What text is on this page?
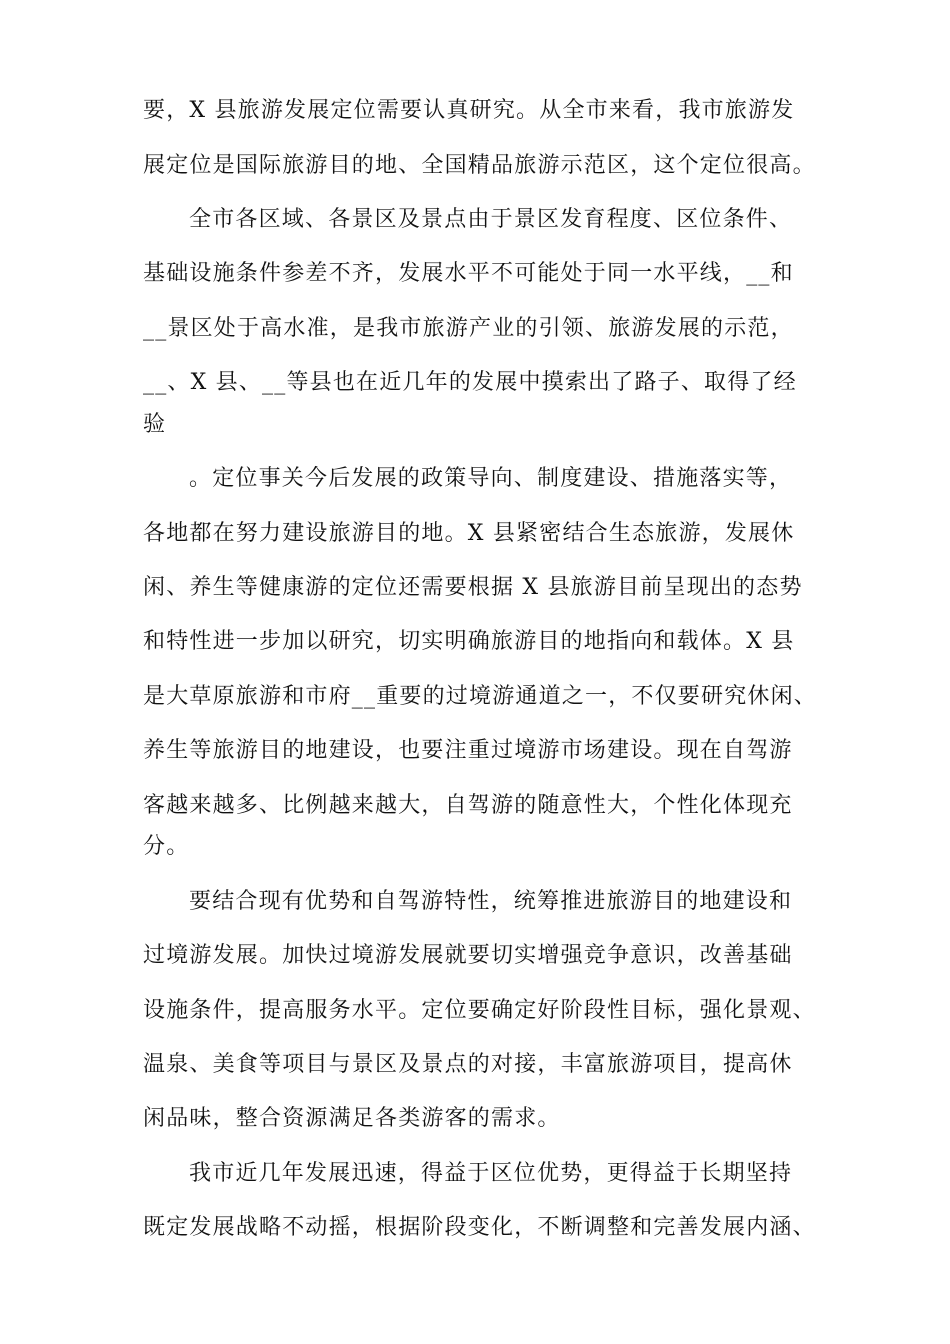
要，X 县旅游发展定位需要认真研究。从全市来看，我市旅游发
展定位是国际旅游目的地、全国精品旅游示范区，这个定位很高。
全市各区域、各景区及景点由于景区发育程度、区位条件、
基础设施条件参差不齐，发展水平不可能处于同一水平线，__和
__景区处于高水准，是我市旅游产业的引领、旅游发展的示范，
__、X 县、__等县也在近几年的发展中摸索出了路子、取得了经
验
。定位事关今后发展的政策导向、制度建设、措施落实等，
各地都在努力建设旅游目的地。X 县紧密结合生态旅游，发展休
闲、养生等健康游的定位还需要根据 X 县旅游目前呈现出的态势
和特性进一步加以研究，切实明确旅游目的地指向和载体。X 县
是大草原旅游和市府__重要的过境游通道之一，不仅要研究休闲、
养生等旅游目的地建设，也要注重过境游市场建设。现在自驾游
客越来越多、比例越来越大，自驾游的随意性大，个性化体现充
分。
要结合现有优势和自驾游特性，统筹推进旅游目的地建设和
过境游发展。加快过境游发展就要切实增强竞争意识，改善基础
设施条件，提高服务水平。定位要确定好阶段性目标，强化景观、
温泉、美食等项目与景区及景点的对接，丰富旅游项目，提高休
闲品味，整合资源满足各类游客的需求。
我市近几年发展迅速，得益于区位优势，更得益于长期坚持
既定发展战略不动摇，根据阶段变化，不断调整和完善发展内涵、
